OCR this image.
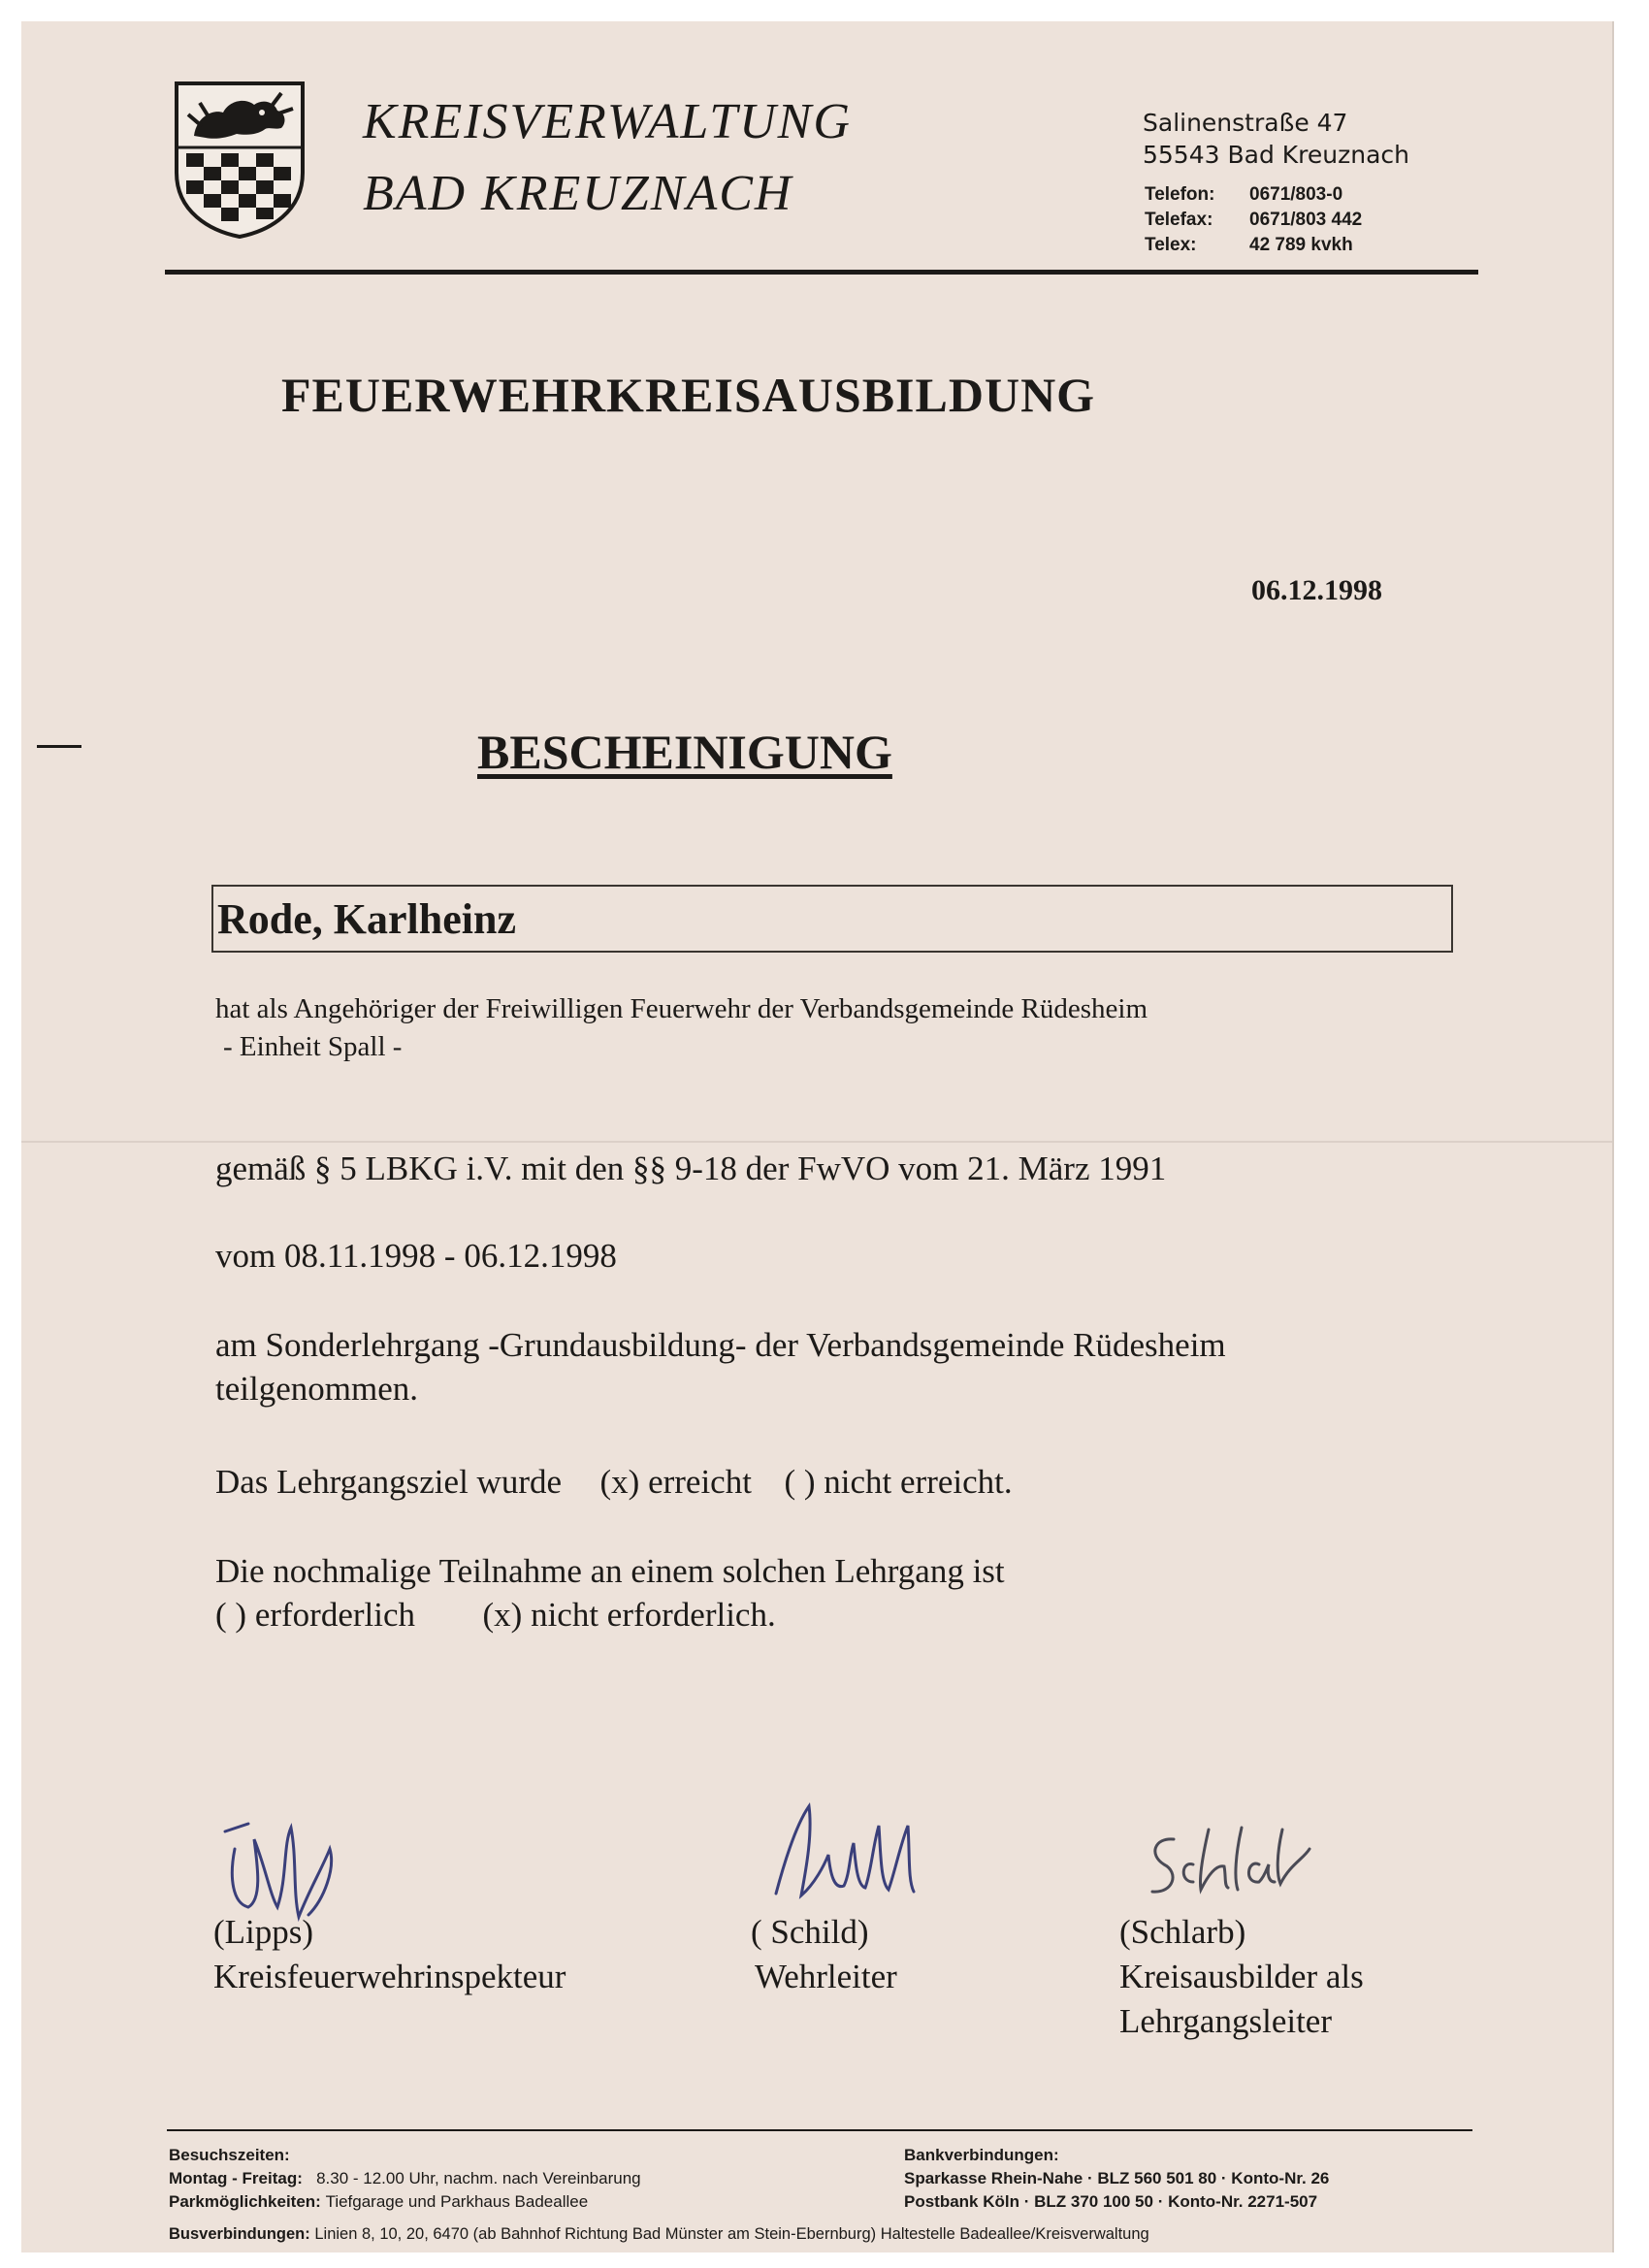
KREISVERWALTUNG
BAD KREUZNACH
Salinenstraße 47
55543 Bad Kreuznach
Telefon: 0671/803-0
Telefax: 0671/803 442
Telex:	42 789 kvkh
FEUERWEHRKREISAUSBILDUNG
06.12.1998
BESCHEINIGUNG
Rode, Karlheinz
hat als Angehöriger der Freiwilligen Feuerwehr der Verbandsgemeinde Rüdesheim
- Einheit Spall -
gemäß § 5 LBKG i.V. mit den §§ 9-18 der FwVO vom 21. März 1991
vom 08.11.1998 - 06.12.1998
am Sonderlehrgang -Grundausbildung- der Verbandsgemeinde Rüdesheim
teilgenommen.
Das Lehrgangsziel wurde (x) erreicht ( ) nicht erreicht.
Die nochmalige Teilnahme an einem solchen Lehrgang ist
( ) erforderlich (x) nicht erforderlich.
(Lipps)
Kreisfeuerwehrinspekteur
( Schild)
Wehrleiter
(Schlarb)
Kreisausbilder als
Lehrgangsleiter
Besuchszeiten:
Montag - Freitag: 8.30 - 12.00 Uhr, nachm. nach Vereinbarung
Parkmöglichkeiten: Tiefgarage und Parkhaus Badeallee
Bankverbindungen:
Sparkasse Rhein-Nahe · BLZ 560 501 80 · Konto-Nr. 26
Postbank Köln · BLZ 370 100 50 · Konto-Nr. 2271-507
Busverbindungen: Linien 8, 10, 20, 6470 (ab Bahnhof Richtung Bad Münster am Stein-Ebernburg) Haltestelle Badeallee/Kreisverwaltung
